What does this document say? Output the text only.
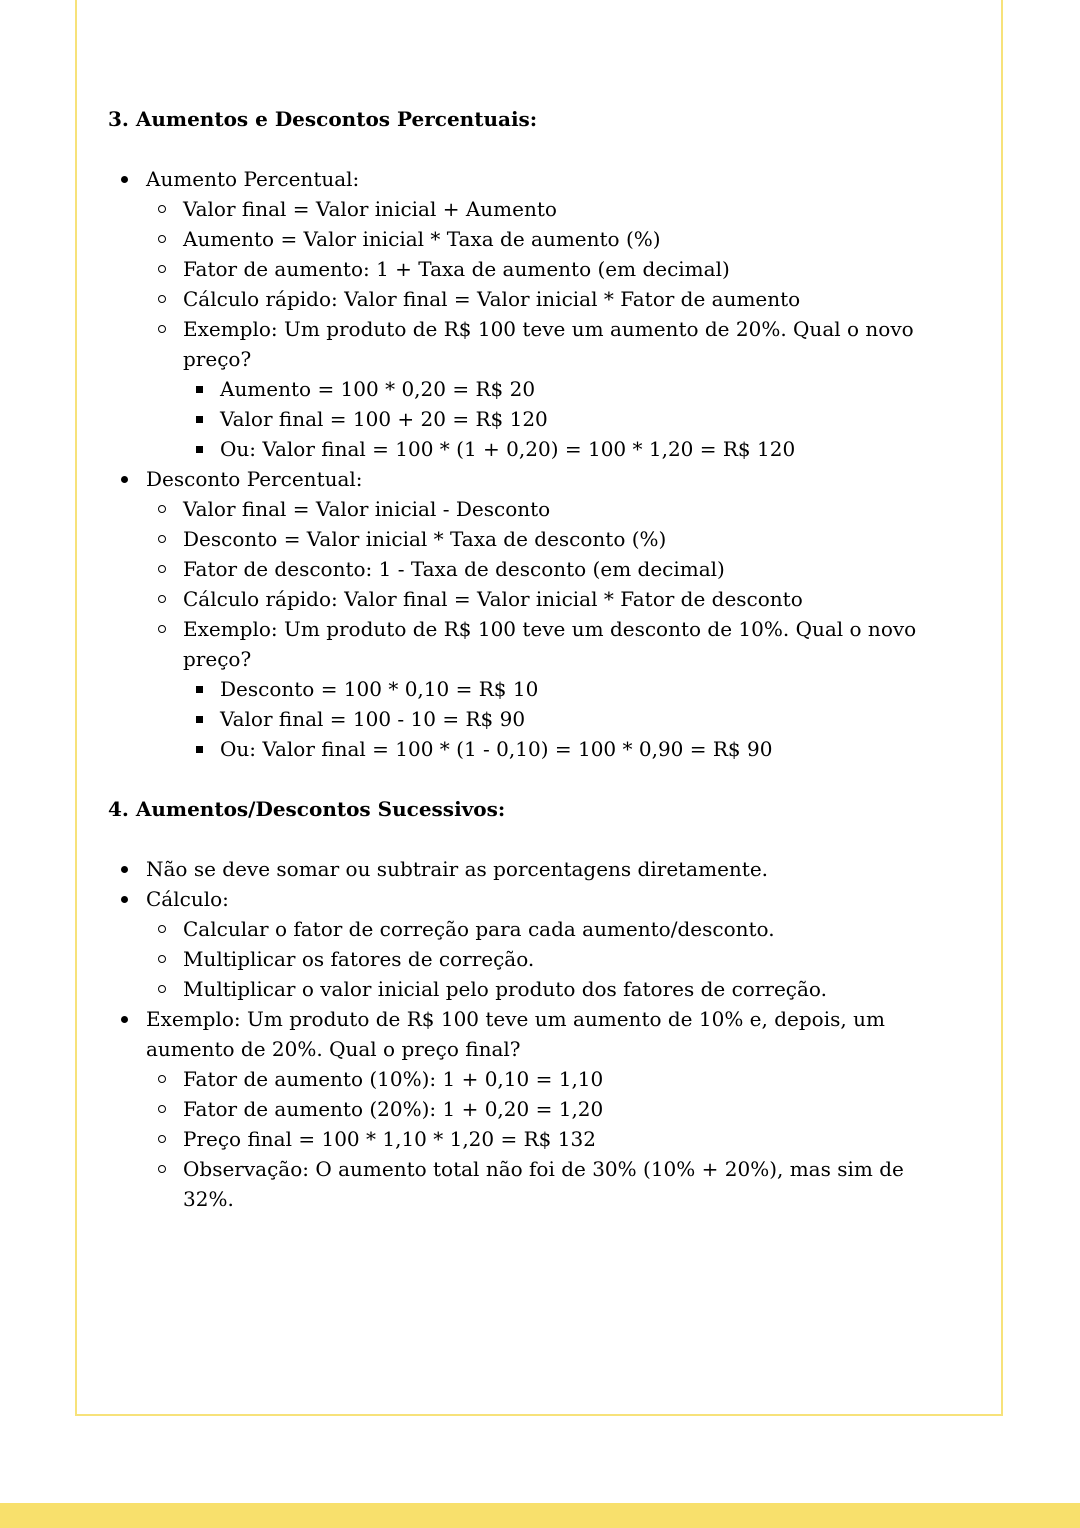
3. Aumentos e Descontos Percentuais:
Aumento Percentual:
Valor final = Valor inicial + Aumento
Aumento = Valor inicial * Taxa de aumento (%)
Fator de aumento: 1 + Taxa de aumento (em decimal)
Cálculo rápido: Valor final = Valor inicial * Fator de aumento
Exemplo: Um produto de R$ 100 teve um aumento de 20%. Qual o novo preço?
Aumento = 100 * 0,20 = R$ 20
Valor final = 100 + 20 = R$ 120
Ou: Valor final = 100 * (1 + 0,20) = 100 * 1,20 = R$ 120
Desconto Percentual:
Valor final = Valor inicial - Desconto
Desconto = Valor inicial * Taxa de desconto (%)
Fator de desconto: 1 - Taxa de desconto (em decimal)
Cálculo rápido: Valor final = Valor inicial * Fator de desconto
Exemplo: Um produto de R$ 100 teve um desconto de 10%. Qual o novo preço?
Desconto = 100 * 0,10 = R$ 10
Valor final = 100 - 10 = R$ 90
Ou: Valor final = 100 * (1 - 0,10) = 100 * 0,90 = R$ 90
4. Aumentos/Descontos Sucessivos:
Não se deve somar ou subtrair as porcentagens diretamente.
Cálculo:
Calcular o fator de correção para cada aumento/desconto.
Multiplicar os fatores de correção.
Multiplicar o valor inicial pelo produto dos fatores de correção.
Exemplo: Um produto de R$ 100 teve um aumento de 10% e, depois, um aumento de 20%. Qual o preço final?
Fator de aumento (10%): 1 + 0,10 = 1,10
Fator de aumento (20%): 1 + 0,20 = 1,20
Preço final = 100 * 1,10 * 1,20 = R$ 132
Observação: O aumento total não foi de 30% (10% + 20%), mas sim de 32%.
